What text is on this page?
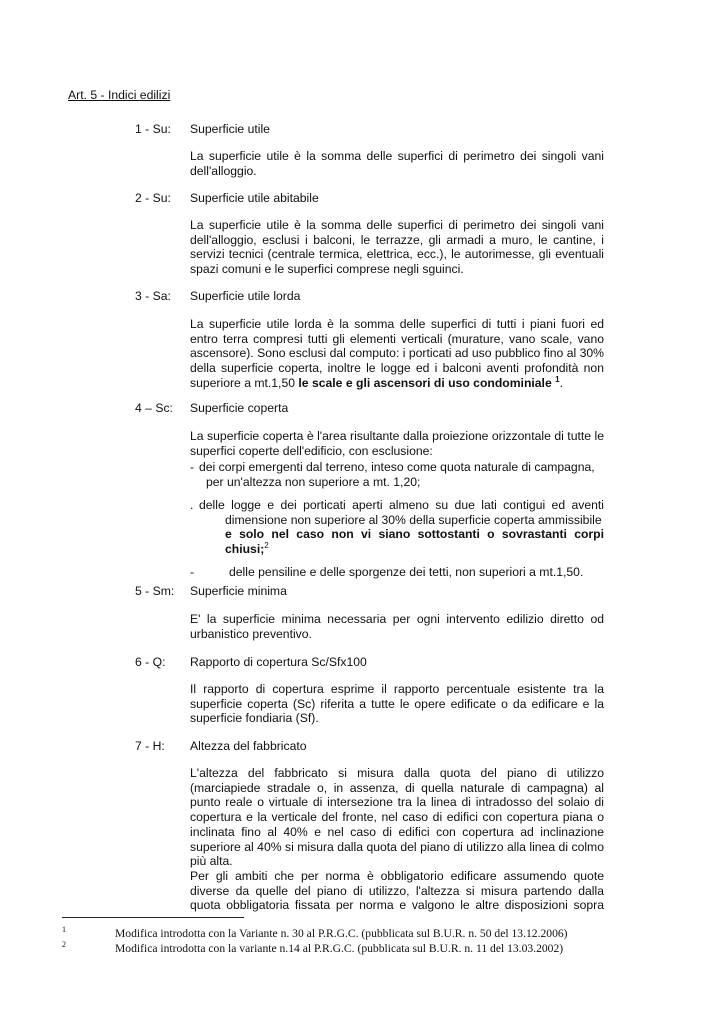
Art. 5 - Indici edilizi
1 - Su:	Superficie utile

La superficie utile è la somma delle superfici di perimetro dei singoli vani dell'alloggio.

2 - Su:	Superficie utile abitabile

La superficie utile è la somma delle superfici di perimetro dei singoli vani dell'alloggio, esclusi i balconi, le terrazze, gli armadi a muro, le cantine, i servizi tecnici (centrale termica, elettrica, ecc.), le autorimesse, gli eventuali spazi comuni e le superfici comprese negli sguinci.

3 - Sa:	Superficie utile lorda

La superficie utile lorda è la somma delle superfici di tutti i piani fuori ed entro terra compresi tutti gli elementi verticali (murature, vano scale, vano ascensore). Sono esclusi dal computo: i porticati ad uso pubblico fino al 30% della superficie coperta, inoltre le logge ed i balconi aventi profondità non superiore a mt.1,50 le scale e gli ascensori di uso condominiale $^1$.

4 – Sc:	Superficie coperta

La superficie coperta è l'area risultante dalla proiezione orizzontale di tutte le superfici coperte dell'edificio, con esclusione:

- dei corpi emergenti dal terreno, inteso come quota naturale di campagna,
per un'altezza non superiore a mt. 1,20;
. delle logge e dei porticati aperti almeno su due lati contigui ed aventi
dimensione non superiore al 30% della superficie coperta ammissibile
e solo nel caso non vi siano sottostanti o sovrastanti corpi
chiusi;$^2$
-	delle pensiline e delle sporgenze dei tetti, non superiori a mt.1,50.
5 - Sm:	Superficie minima

E' la superficie minima necessaria per ogni intervento edilizio diretto od urbanistico preventivo.

6 - Q:	Rapporto di copertura Sc/Sfx100

Il rapporto di copertura esprime il rapporto percentuale esistente tra la superficie coperta (Sc) riferita a tutte le opere edificate o da edificare e la superficie fondiaria (Sf).

7 - H:	Altezza del fabbricato

L'altezza del fabbricato si misura dalla quota del piano di utilizzo (marciapiede stradale o, in assenza, di quella naturale di campagna) al punto reale o virtuale di intersezione tra la linea di intradosso del solaio di copertura e la verticale del fronte, nel caso di edifici con copertura piana o inclinata fino al 40% e nel caso di edifici con copertura ad inclinazione superiore al 40% si misura dalla quota del piano di utilizzo alla linea di colmo più alta.

Per gli ambiti che per norma è obbligatorio edificare assumendo quote diverse da quelle del piano di utilizzo, l'altezza si misura partendo dalla quota obbligatoria fissata per norma e valgono le altre disposizioni sopra

1	Modifica introdotta con la Variante n. 30 al P.R.G.C. (pubblicata sul B.U.R. n. 50 del 13.12.2006)
2	Modifica introdotta con la variante n.14 al P.R.G.C. (pubblicata sul B.U.R. n. 11 del 13.03.2002)
